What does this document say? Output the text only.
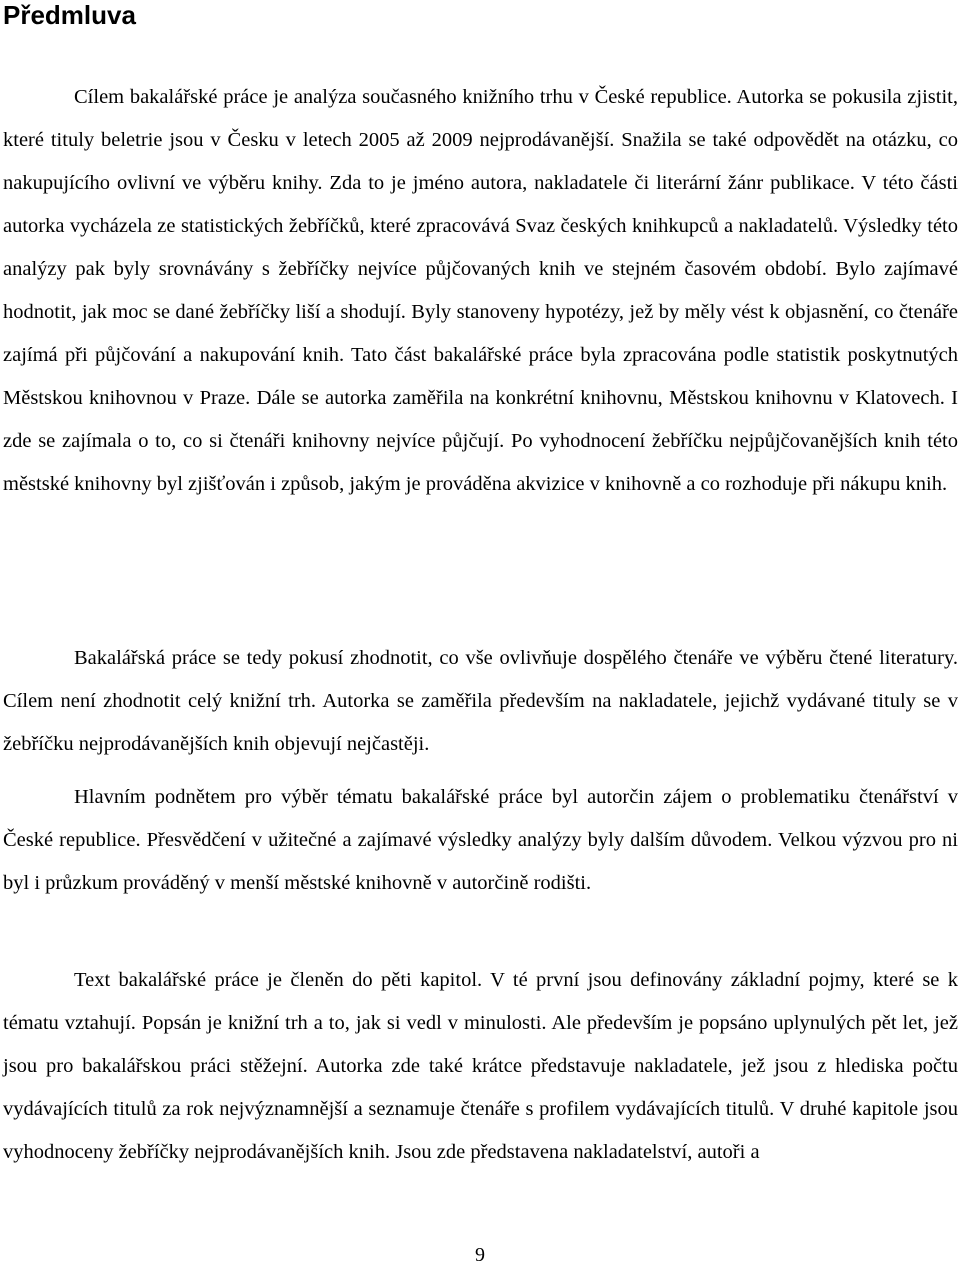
Předmluva

Cílem bakalářské práce je analýza současného knižního trhu v České republice. Autorka se pokusila zjistit, které tituly beletrie jsou v Česku v letech 2005 až 2009 nejprodávanější. Snažila se také odpovědět na otázku, co nakupujícího ovlivní ve výběru knihy. Zda to je jméno autora, nakladatele či literární žánr publikace. V této části autorka vycházela ze statistických žebříčků, které zpracovává Svaz českých knihkupců a nakladatelů. Výsledky této analýzy pak byly srovnávány s žebříčky nejvíce půjčovaných knih ve stejném časovém období. Bylo zajímavé hodnotit, jak moc se dané žebříčky liší a shodují. Byly stanoveny hypotézy, jež by měly vést k objasnění, co čtenáře zajímá při půjčování a nakupování knih. Tato část bakalářské práce byla zpracována podle statistik poskytnutých Městskou knihovnou v Praze. Dále se autorka zaměřila na konkrétní knihovnu, Městskou knihovnu v Klatovech. I zde se zajímala o to, co si čtenáři knihovny nejvíce půjčují. Po vyhodnocení žebříčku nejpůjčovanějších knih této městské knihovny byl zjišťován i způsob, jakým je prováděna akvizice v knihovně a co rozhoduje při nákupu knih.

Bakalářská práce se tedy pokusí zhodnotit, co vše ovlivňuje dospělého čtenáře ve výběru čtené literatury. Cílem není zhodnotit celý knižní trh. Autorka se zaměřila především na nakladatele, jejichž vydávané tituly se v žebříčku nejprodávanějších knih objevují nejčastěji.

Hlavním podnětem pro výběr tématu bakalářské práce byl autorčin zájem o problematiku čtenářství v České republice. Přesvědčení v užitečné a zajímavé výsledky analýzy byly dalším důvodem. Velkou výzvou pro ni byl i průzkum prováděný v menší městské knihovně v autorčině rodišti.

Text bakalářské práce je členěn do pěti kapitol. V té první jsou definovány základní pojmy, které se k tématu vztahují. Popsán je knižní trh a to, jak si vedl v minulosti. Ale především je popsáno uplynulých pět let, jež jsou pro bakalářskou práci stěžejní. Autorka zde také krátce představuje nakladatele, jež jsou z hlediska počtu vydávajících titulů za rok nejvýznamnější a seznamuje čtenáře s profilem vydávajících titulů. V druhé kapitole jsou vyhodnoceny žebříčky nejprodávanějších knih. Jsou zde představena nakladatelství, autoři a

9
